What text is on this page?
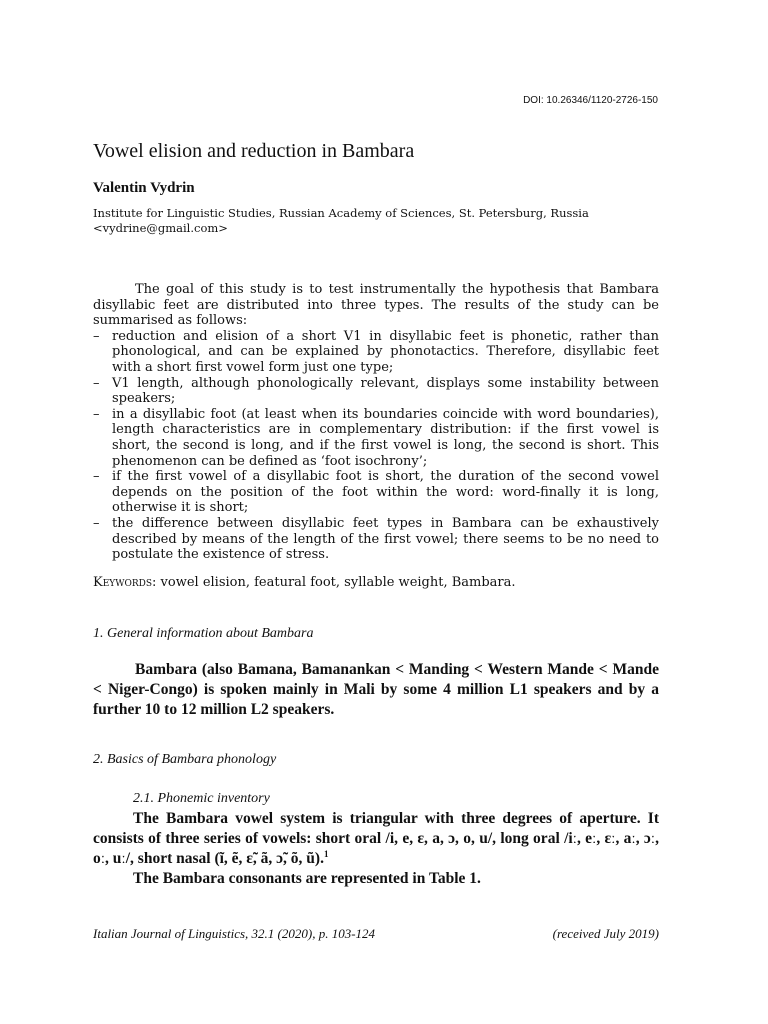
DOI: 10.26346/1120-2726-150
Vowel elision and reduction in Bambara
Valentin Vydrin
Institute for Linguistic Studies, Russian Academy of Sciences, St. Petersburg, Russia
<vydrine@gmail.com>

The goal of this study is to test instrumentally the hypothesis that Bambara disyllabic feet are distributed into three types. The results of the study can be summarised as follows:

– reduction and elision of a short V1 in disyllabic feet is phonetic, rather than phonological, and can be explained by phonotactics. Therefore, disyllabic feet with a short first vowel form just one type;
– V1 length, although phonologically relevant, displays some instability between speakers;
– in a disyllabic foot (at least when its boundaries coincide with word boundaries), length characteristics are in complementary distribution: if the first vowel is short, the second is long, and if the first vowel is long, the second is short. This phenomenon can be defined as ‘foot isochrony’;
– if the first vowel of a disyllabic foot is short, the duration of the second vowel depends on the position of the foot within the word: word-finally it is long, otherwise it is short;
– the difference between disyllabic feet types in Bambara can be exhaustively described by means of the length of the first vowel; there seems to be no need to postulate the existence of stress.
Keywords: vowel elision, featural foot, syllable weight, Bambara.
1. General information about Bambara

Bambara (also Bamana, Bamanankan < Manding < Western Mande < Mande < Niger-Congo) is spoken mainly in Mali by some 4 million L1 speakers and by a further 10 to 12 million L2 speakers.

2. Basics of Bambara phonology
2.1. Phonemic inventory

The Bambara vowel system is triangular with three degrees of aperture. It consists of three series of vowels: short oral /i, e, ɛ, a, ɔ, o, u/, long oral /iː, eː, ɛː, aː, ɔː, oː, uː/, short nasal (ĩ, ẽ, ɛ̃, ã, ɔ̃, õ, ũ).$^1$

The Bambara consonants are represented in Table 1.

Italian Journal of Linguistics, 32.1 (2020), p. 103-124	(received July 2019)
